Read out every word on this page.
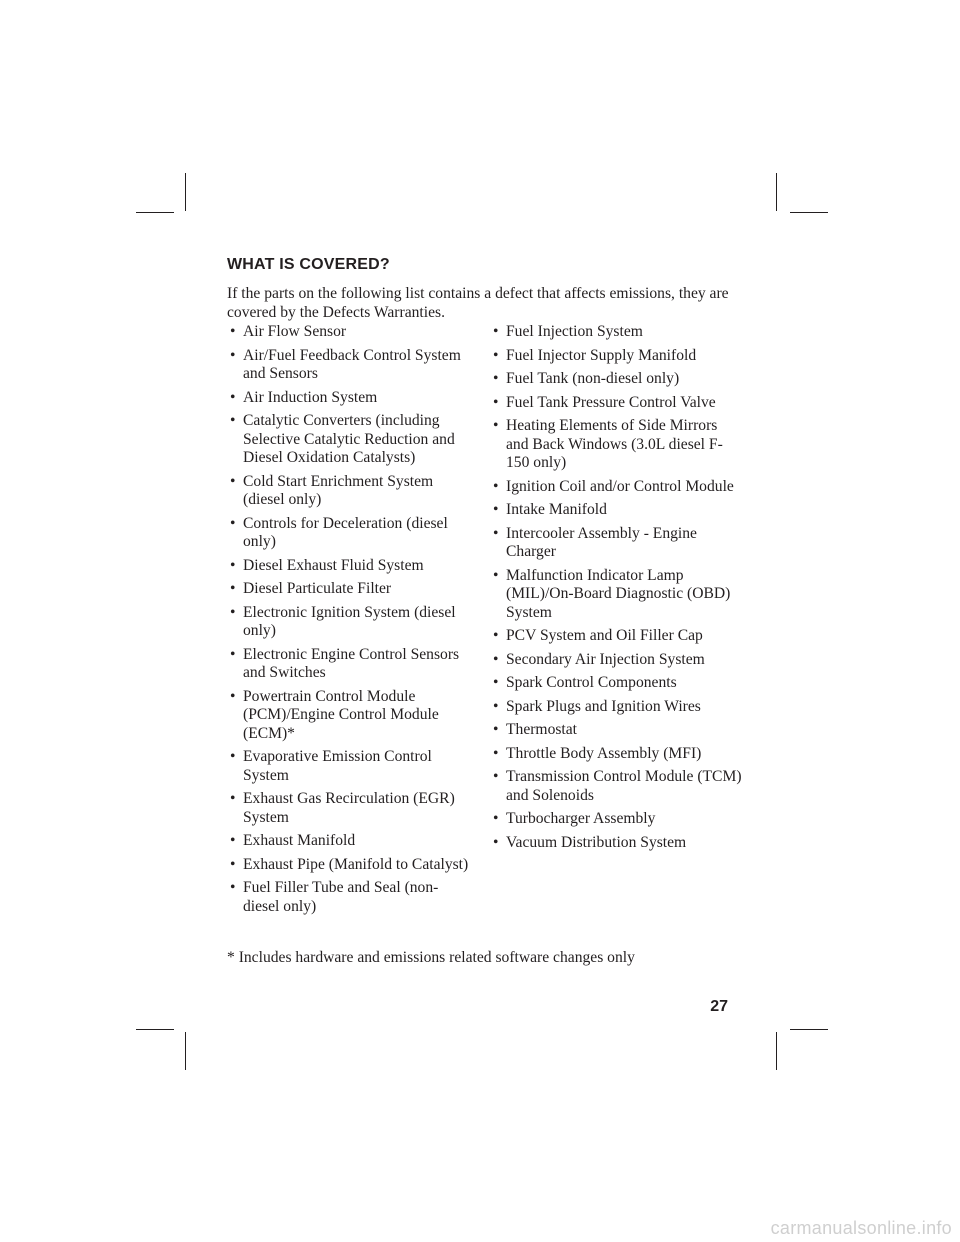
WHAT IS COVERED?
If the parts on the following list contains a defect that affects emissions, they are covered by the Defects Warranties.
• Air Flow Sensor
• Air/Fuel Feedback Control System and Sensors
• Air Induction System
• Catalytic Converters (including Selective Catalytic Reduction and Diesel Oxidation Catalysts)
• Cold Start Enrichment System (diesel only)
• Controls for Deceleration (diesel only)
• Diesel Exhaust Fluid System
• Diesel Particulate Filter
• Electronic Ignition System (diesel only)
• Electronic Engine Control Sensors and Switches
• Powertrain Control Module (PCM)/Engine Control Module (ECM)*
• Evaporative Emission Control System
• Exhaust Gas Recirculation (EGR) System
• Exhaust Manifold
• Exhaust Pipe (Manifold to Catalyst)
• Fuel Filler Tube and Seal (non-diesel only)
• Fuel Injection System
• Fuel Injector Supply Manifold
• Fuel Tank (non-diesel only)
• Fuel Tank Pressure Control Valve
• Heating Elements of Side Mirrors and Back Windows (3.0L diesel F-150 only)
• Ignition Coil and/or Control Module
• Intake Manifold
• Intercooler Assembly - Engine Charger
• Malfunction Indicator Lamp (MIL)/On-Board Diagnostic (OBD) System
• PCV System and Oil Filler Cap
• Secondary Air Injection System
• Spark Control Components
• Spark Plugs and Ignition Wires
• Thermostat
• Throttle Body Assembly (MFI)
• Transmission Control Module (TCM) and Solenoids
• Turbocharger Assembly
• Vacuum Distribution System
* Includes hardware and emissions related software changes only
27
carmanualsonline.info
